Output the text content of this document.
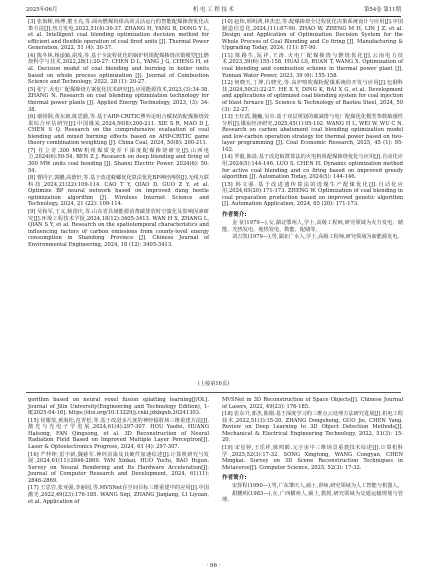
2025年06月	机 电 工 程 技 术	第54卷 第11期
[3] 张海彬,杨博,董玉亮,等.面向燃煤机组高效灵活运行的智能配煤掺烧优化决策方法[J].热力发电,2022,51(4):30-37. ZHANG H, YANG B, DONG Y L, et al. Intelligent coal blending optimization decision method for efficient and flexible operation of coal fired units [J]. Thermal Power Generation, 2022, 51 (4): 30-37.
[4] 陈冬林,杨淦颖,胡茂,等.基于全流程优化的锅炉机组配煤掺烧决策模型[J].燃烧科学与技术,2022,28(1):20-27. CHEN D L, YANG J G, CHENG H, et al. Decision model of coal blending and burning in boiler units based on whole process optimization [J]. Journal of Combustion Science and Technology, 2022, 28 (1): 20-27.
[5] 张宁.火电厂配煤掺烧方案优化技术研究[J].应用能源技术,2023,(3):34-38. ZHANG N. Research on coal blending optimization technology for thermal power plants [J]. Applied Energy Technology, 2023, (3): 34-38.
[6] 谢钧钢,黄东铭,陈思勤,等.基于AHP-CRITIC博弈论组合赋权的配煤掺烧效果综合评估研究[J].中国煤炭,2024,50(8):200-211. XIE S R, MAO D J, CHEN S Q. Research on the comprehensive evaluation of coal blending and mixed burning effects based on AHP-CRITIC game theory combination weighting [J]. China Coal, 2024, 50(8): 200-211.
[7] 任立奇.300 MW机组煤质变差下深度配煤掺烧研究[J].山西电力,2024(6):50-54. BEN Z J. Research on deep blending and firing of 300 MW units coal bending [J]. Shanxi Electric Power, 2024(6): 50-54.
[8] 曹同宇,郭鹏,高德轩,等.基于改进蜣螂优化算法优化BP神经网络[J].无线互联科技,2024,21(22):109-114. CAO T Y, QIAO D, GUO Z Y, et al. Optimize BP neural network based on improved dung beetle optimization algorithm [J]. Wireless Internet Science and Technology, 2024, 21 (22): 109-114.
[9] 吴和军,王义,杨国庆,等.山东省县域能源消费碳排放时空演化及影响因素研究[J].环境工程技术学报,2024,18(12):3405-3413. WAN H X, ZHANG L, QIAN S Y, et al. Research on the spatiotemporal characteristics and influencing factors of carbon emissions from county-level energy consumption in Shandong Province [J]. Chinese Journal of Environmental Engineering, 2024, 18 (12): 3405-3413.
[10] 赵炜,邢明鸿,林杰忠,等.配煤掺烧全过程优化决策系统设计与应用[J].中国制造信息化,2024,(11):87-90. ZHAO W, ZHENG M H, LIN J Z, et al. Design and Application of Optimization Decision System for the Whole Process of Coal Blending and Co firing [J]. Manufacturing & Upgrading Today, 2024, (11): 87-90.
[11] 陈路生,阮祥,王涛.火电厂配煤掺烧与燃烧优化[J].云南电力技术,2023,39(6):155-158. HUAI LS, RUAN T, WANG X. Optimization of coal blending and combustion scheme in thermal power plant [J]. Yunnan Water Power, 2023, 39 (6): 155-158.
[12] 何晓天,丁坤,白晓光,等.高炉喷吹煤粉配煤系统的开发与应用[J].包钢科技,2024,50(2):22-27. HE X Y, DING K, BAI X G, et al. Development and applications of optimized coal blending system for coal injection of blast furnace [J]. Science & Technology of Baotou Steel, 2024, 50 (3): 22-27.
[13] 王红霞,魏巍,吴卓.基于双层规划的碳减排与电厂配煤优化模型参数敏感性分析[J].煤炭经济研究,2025,45(1):95-102. WANG H L, WEI W, WU C N. Research on carbon abatement coal blending optimization model and low-carbon operation strategy for thermal power based on two-layer programming [J]. Coal Economic Research, 2025, 45 (1): 95-102.
[14] 罗毅,陈晨.基于改进蚁群算法的火电机组配煤掺烧优化与应用[J].自动化应用,2024(5):144-146. LUO S, CHEN H. Dynamic optimization method for active coal blending and co firing based on improved greedy algorithm [J]. Automation Today, 2024(5): 144-146.
[15] 韩文强.基于改进遗传算法的选煤生产配煤优化[J].自动化应用,2024,65(20):171-173. ZHENG W. Optimization of coal blending in coal preparation production based on improved genetic algorithm [J]. Automation Application, 2024, 65 (20): 171-173.
作者简介:

金 征(1979—),女,湖北鄂州人,学士,高级工程师,研究领域为火力发电、储能、光热发电、地热发电、数能、配储等。

刘吉凯(1979—),男,湖北广水人,学士,高级工程师,研究领域为新能源发电。

(上接第16页)
gorithm based on neural voxel fusion splatting learning[J/OL]. Journal of Jilin University(Engineering and Technology Edition), 1-8[2025-04-16]. https://doi.org/10.13229/j.cnki.jdxbgxb.20241303.
[15] 侯耀斐,黄海松,范青松,等.基于改进多尺度的神经辐射场三维重建方法[J].激光与光电子学进展,2024,61(4):297-307. HOU Yaofei, HUANG Haisong, FAN Qingsong, et al. 3D Reconstruction of Neural Radiation Field Based on Improved Multiple Layer Perceptron[J]. Laser & Optoelectronics Progress, 2024, 61 (4): 297-307.
[16] 严仲坤,雷宇新,魏慈军.神经渲染及其硬件加速综述[J].计算机研究与发展,2024,61(11):2846-2869. YAN Xinkai, HUO Yuchi, BAO Hujun. Survey on Neural Rendering and Its Hardware Acceleration[J]. Journal of Computer Research and Development, 2024, 61(11): 2846-2869.
[17] 王思岩,张亚强,李丽园,等.MVSNet在空间目标三维重建中的应用[J].中国激光,2022,49(23):176-185. WANG Siqi, ZHANG Jiaqiang, LI Liyuan, et al. Application of
MVSNet in 3D Reconstruction of Space Objects[J]. Chinese Journal of Lasers, 2022, 49(23): 176-185.
[18] 张东升,郭杰,陈刚.基于深度学习的三维点云处理方法研究进展[J].机电工程技术,2022,51(3):15-20. ZHANG Dongsheng, GUO Jie, CHEN Yang. Review on Deep Learning to 3D Object Detection Methods[J]. Mechanical & Electrical Engineering Technology, 2022, 51(3): 15-20.
[19] 宋星婷,王乐祥,陈鸣鹤.元宇宙中三维场景重建技术综述[J].计算机科学,2025,52(3):17-32. SONG Xingtong, WANG Congyan, CHEN Mingkai. Survey on 3D Scene Reconstruction Techniques in Metaverse[J]. Computer Science, 2025, 52(3): 17-32.
作者简介:

宋挥程(1990—),男,广东肇庆人,硕士,讲师,研究领域为人工智能与机器人。

甜鹏明(1983—),女,广西横州人,硕士,教授,研究领域为交通运输规划与管理。

· 96 ·
